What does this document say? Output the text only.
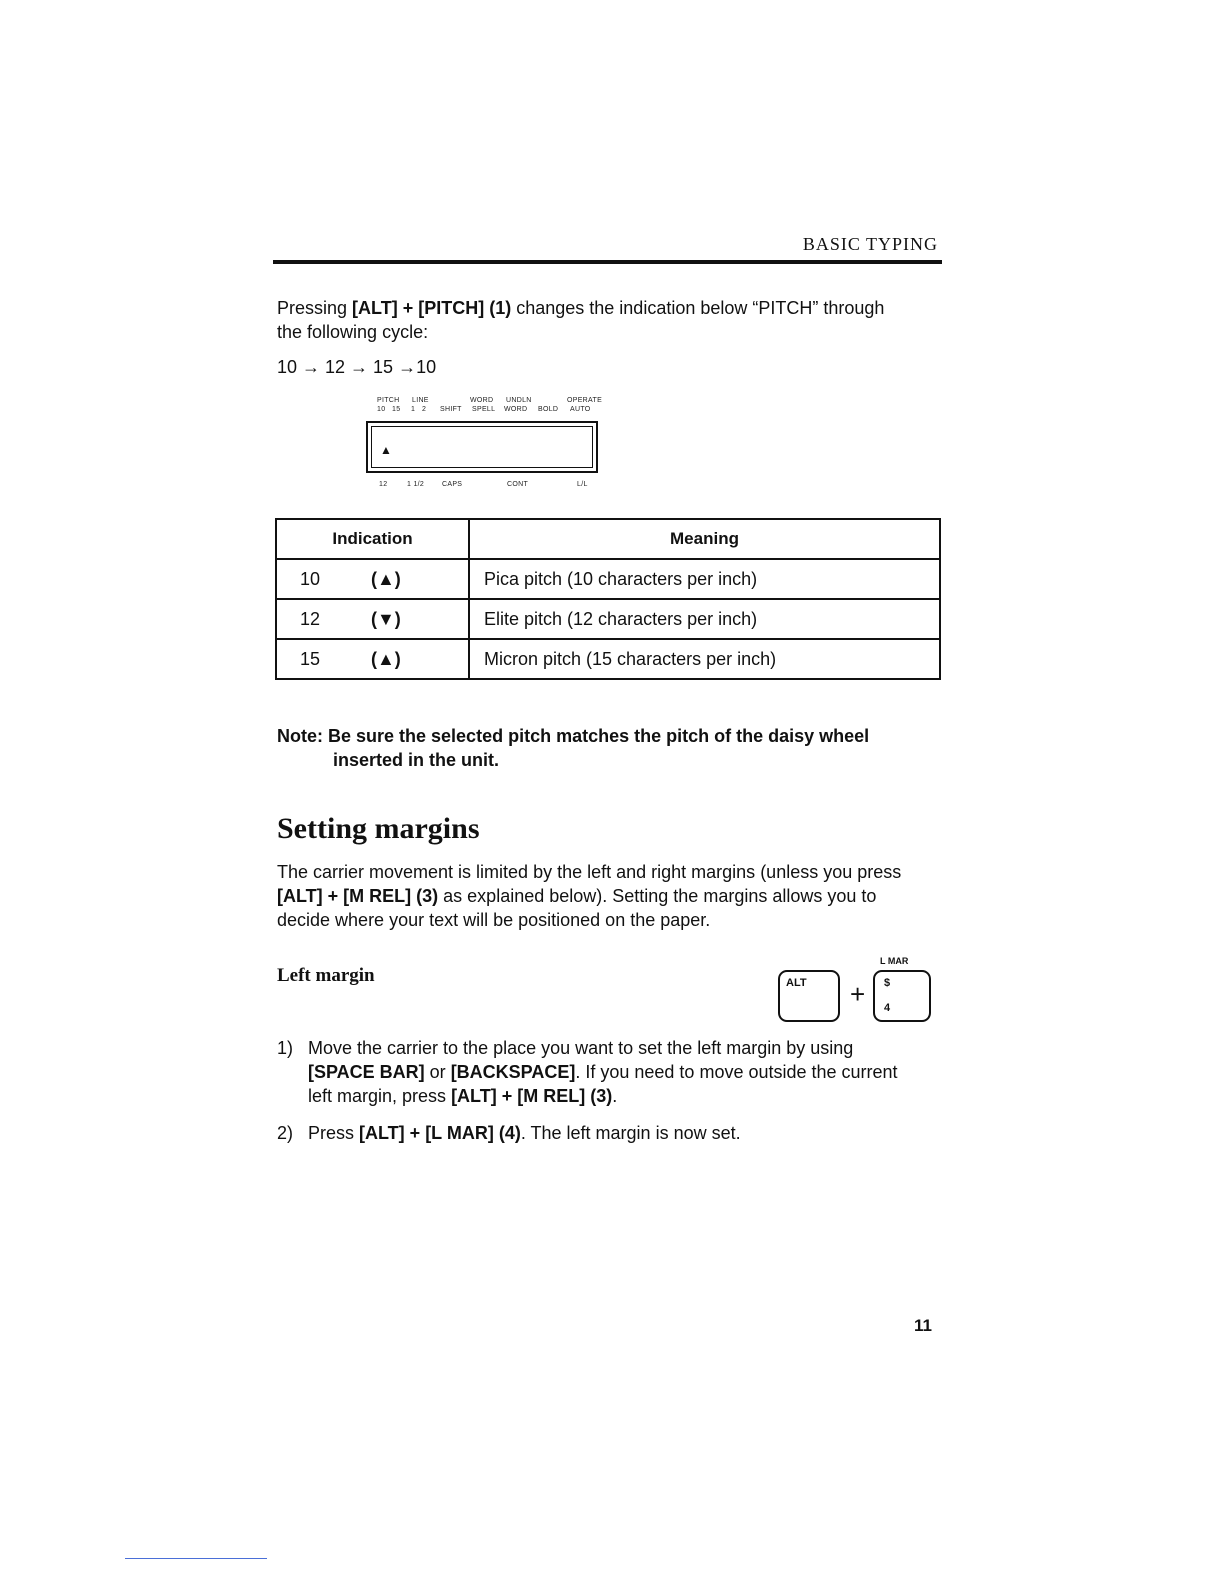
BASIC TYPING
Pressing [ALT] + [PITCH] (1) changes the indication below “PITCH” through
the following cycle:
10 → 12 → 15 →10
PITCH LINE	WORD UNDLN	OPERATE
10 15 1 2 SHIFT SPELL WORD BOLD AUTO
▲
12	1 1/2	CAPS	CONT	L/L
Indication	Meaning

10 (▲)	Pica pitch (10 characters per inch)

12 (▼)	Elite pitch (12 characters per inch)

15 (▲)	Micron pitch (15 characters per inch)
Note: Be sure the selected pitch matches the pitch of the daisy wheel
inserted in the unit.
Setting margins
The carrier movement is limited by the left and right margins (unless you press
[ALT] + [M REL] (3) as explained below). Setting the margins allows you to
decide where your text will be positioned on the paper.
Left margin	ALT +
L MAR
$
4
1) Move the carrier to the place you want to set the left margin by using
[SPACE BAR] or [BACKSPACE]. If you need to move outside the current
left margin, press [ALT] + [M REL] (3).
2) Press [ALT] + [L MAR] (4). The left margin is now set.
11
